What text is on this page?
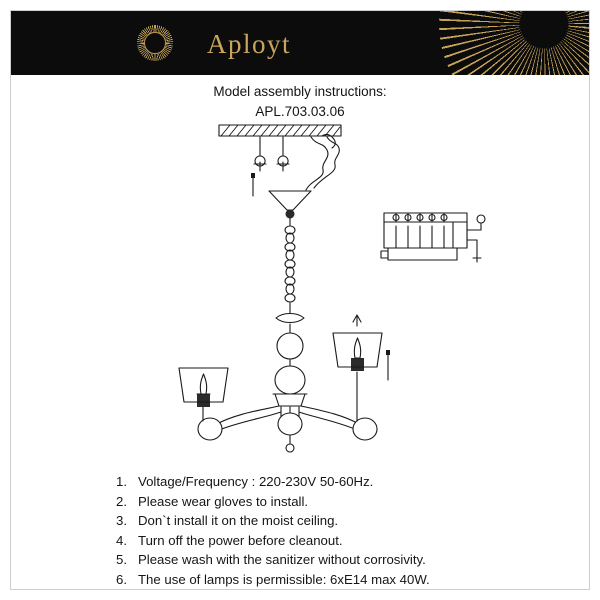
Aployt
Model assembly instructions:
APL.703.03.06
1. Voltage/Frequency : 220-230V 50-60Hz.
2. Please wear gloves to install.
3. Don`t install it on the moist ceiling.
4. Turn off the power before cleanout.
5. Please wash with the sanitizer without corrosivity.
6. The use of lamps is permissible: 6xE14 max 40W.
